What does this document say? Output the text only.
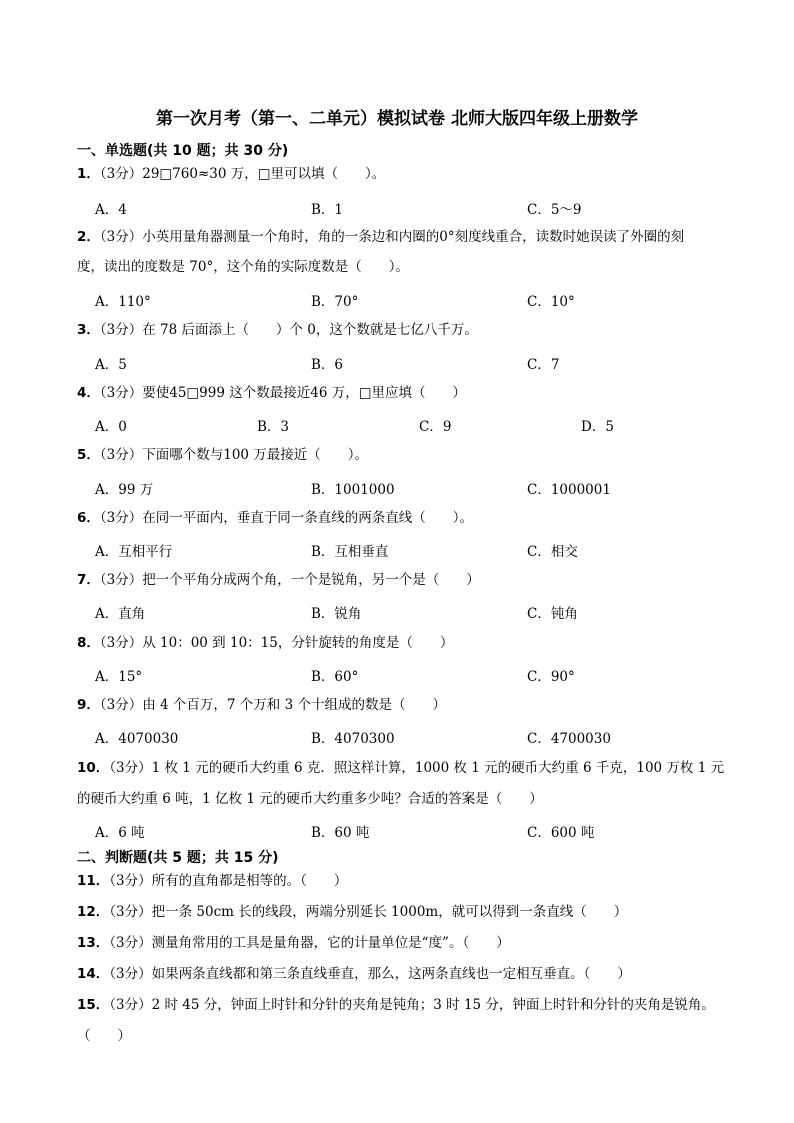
第一次月考（第一、二单元）模拟试卷 北师大版四年级上册数学
一、单选题(共 10 题；共 30 分)
1．（3分）29□760≈30 万，□里可以填（　　）。
A．4	B．1	C．5～9
2．（3分）小英用量角器测量一个角时，角的一条边和内圈的0°刻度线重合，读数时她误读了外圈的刻
度，读出的度数是 70°，这个角的实际度数是（　　）。
A．110°	B．70°	C．10°
3．（3分）在 78 后面添上（　　）个 0，这个数就是七亿八千万。
A．5	B．6	C．7
4．（3分）要使45□999 这个数最接近46 万，□里应填（　　）
A．0	B．3	C．9	D．5
5．（3分）下面哪个数与100 万最接近（　　）。
A．99 万	B．1001000	C．1000001
6．（3分）在同一平面内，垂直于同一条直线的两条直线（　　）。
A．互相平行	B．互相垂直	C．相交
7．（3分）把一个平角分成两个角，一个是锐角，另一个是（　　）
A．直角	B．锐角	C．钝角
8．（3分）从 10：00 到 10：15，分针旋转的角度是（　　）
A．15°	B．60°	C．90°
9．（3分）由 4 个百万，7 个万和 3 个十组成的数是（　　）
A．4070030	B．4070300	C．4700030
10．（3分）1 枚 1 元的硬币大约重 6 克．照这样计算，1000 枚 1 元的硬币大约重 6 千克，100 万枚 1 元
的硬币大约重 6 吨，1 亿枚 1 元的硬币大约重多少吨？合适的答案是（　　）
A．6 吨	B．60 吨	C．600 吨
二、判断题(共 5 题；共 15 分)
11．（3分）所有的直角都是相等的。（　　）
12．（3分）把一条 50cm 长的线段，两端分别延长 1000m，就可以得到一条直线（　　）
13．（3分）测量角常用的工具是量角器，它的计量单位是“度”。（　　）
14．（3分）如果两条直线都和第三条直线垂直，那么，这两条直线也一定相互垂直。（　　）
15．（3分）2 时 45 分，钟面上时针和分针的夹角是钝角；3 时 15 分，钟面上时针和分针的夹角是锐角。
（　　）
